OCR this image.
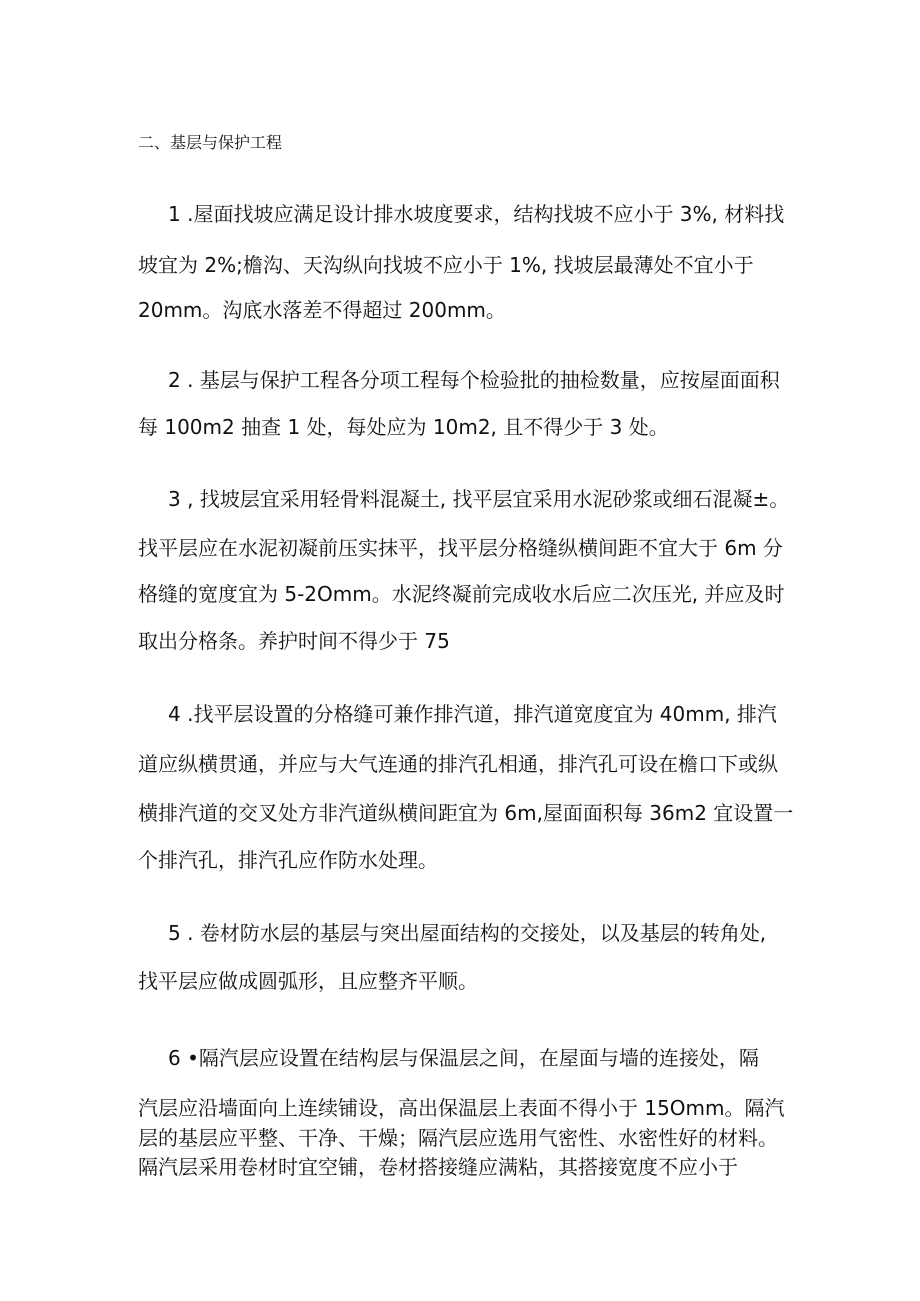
二、基层与保护工程
1 .屋面找坡应满足设计排水坡度要求，结构找坡不应小于 3%, 材料找
坡宜为 2%;檐沟、天沟纵向找坡不应小于 1%, 找坡层最薄处不宜小于
20mm。沟底水落差不得超过 200mm。
2 . 基层与保护工程各分项工程每个检验批的抽检数量，应按屋面面积
每 100m2 抽查 1 处，每处应为 10m2, 且不得少于 3 处。
3 , 找坡层宜采用轻骨料混凝土, 找平层宜采用水泥砂浆或细石混凝±。
找平层应在水泥初凝前压实抹平，找平层分格缝纵横间距不宜大于 6m 分
格缝的宽度宜为 5-2Omm。水泥终凝前完成收水后应二次压光, 并应及时
取出分格条。养护时间不得少于 75
4 .找平层设置的分格缝可兼作排汽道，排汽道宽度宜为 40mm, 排汽
道应纵横贯通，并应与大气连通的排汽孔相通，排汽孔可设在檐口下或纵
横排汽道的交叉处方非汽道纵横间距宜为 6m,屋面面积每 36m2 宜设置一
个排汽孔，排汽孔应作防水处理。
5 . 卷材防水层的基层与突出屋面结构的交接处，以及基层的转角处,
找平层应做成圆弧形，且应整齐平顺。
6 •隔汽层应设置在结构层与保温层之间，在屋面与墙的连接处，隔
汽层应沿墙面向上连续铺设，高出保温层上表面不得小于 15Omm。隔汽
层的基层应平整、干净、干燥；隔汽层应选用气密性、水密性好的材料。
隔汽层采用卷材时宜空铺，卷材搭接缝应满粘，其搭接宽度不应小于
